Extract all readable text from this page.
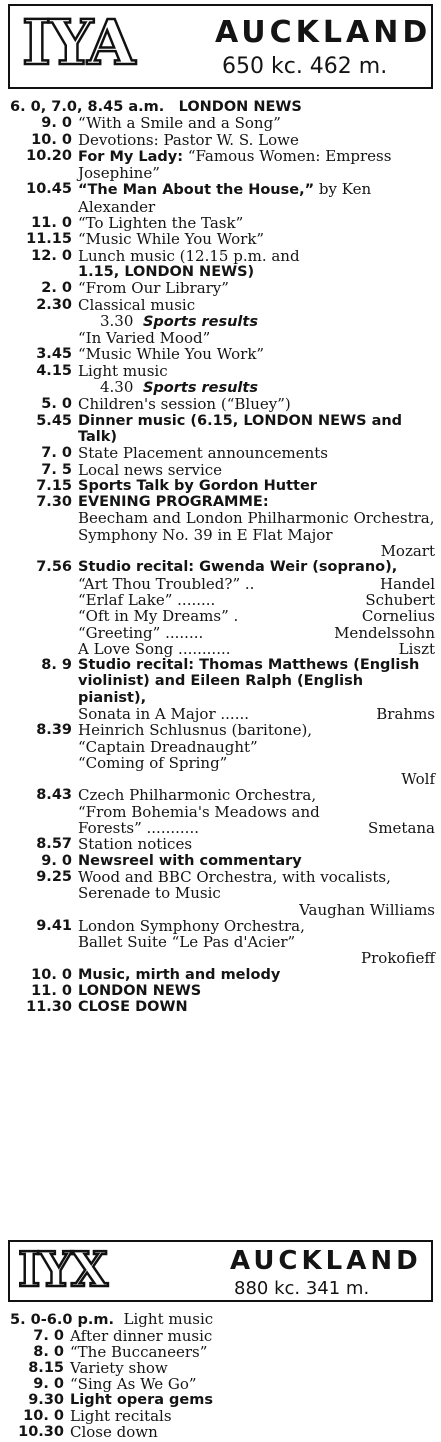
IYA	AUCKLAND
650 kc. 462 m.
6. 0, 7.0, 8.45 a.m. LONDON NEWS
9. 0 “With a Smile and a Song”
10. 0 Devotions: Pastor W. S. Lowe
10.20 For My Lady: “Famous Women: Empress Josephine”
10.45 “The Man About the House,” by Ken Alexander
11. 0 “To Lighten the Task”
11.15 “Music While You Work”
12. 0 Lunch music (12.15 p.m. and
1.15, LONDON NEWS)
2. 0 “From Our Library”
2.30 Classical music
3.30 Sports results
“In Varied Mood”
3.45 “Music While You Work”
4.15 Light music
4.30 Sports results
5. 0 Children's session (“Bluey”)
5.45 Dinner music (6.15, LONDON NEWS and Talk)
7. 0 State Placement announcements
7. 5 Local news service
7.15 Sports Talk by Gordon Hutter
7.30 EVENING PROGRAMME:
Beecham and London Philharmonic Orchestra,
Symphony No. 39 in E Flat Major
Mozart
7.56 Studio recital: Gwenda Weir (soprano),
“Art Thou Troubled?” ..	Handel
“Erlaf Lake” ........	Schubert
“Oft in My Dreams” .	Cornelius
“Greeting” ........	Mendelssohn
A Love Song ...........	Liszt
8. 9 Studio recital: Thomas Matthews (English violinist) and Eileen Ralph (English pianist),
Sonata in A Major ......	Brahms
8.39 Heinrich Schlusnus (baritone),
“Captain Dreadnaught”
“Coming of Spring”
Wolf
8.43 Czech Philharmonic Orchestra,
“From Bohemia's Meadows and Forests” ...........	Smetana
8.57 Station notices
9. 0 Newsreel with commentary
9.25 Wood and BBC Orchestra, with vocalists,
Serenade to Music
Vaughan Williams
9.41 London Symphony Orchestra,
Ballet Suite “Le Pas d'Acier”
Prokofieff
10. 0 Music, mirth and melody
11. 0 LONDON NEWS
11.30 CLOSE DOWN
IYX	AUCKLAND
880 kc. 341 m.
5. 0-6.0 p.m. Light music
7. 0 After dinner music
8. 0 “The Buccaneers”
8.15 Variety show
9. 0 “Sing As We Go”
9.30 Light opera gems
10. 0 Light recitals
10.30 Close down
